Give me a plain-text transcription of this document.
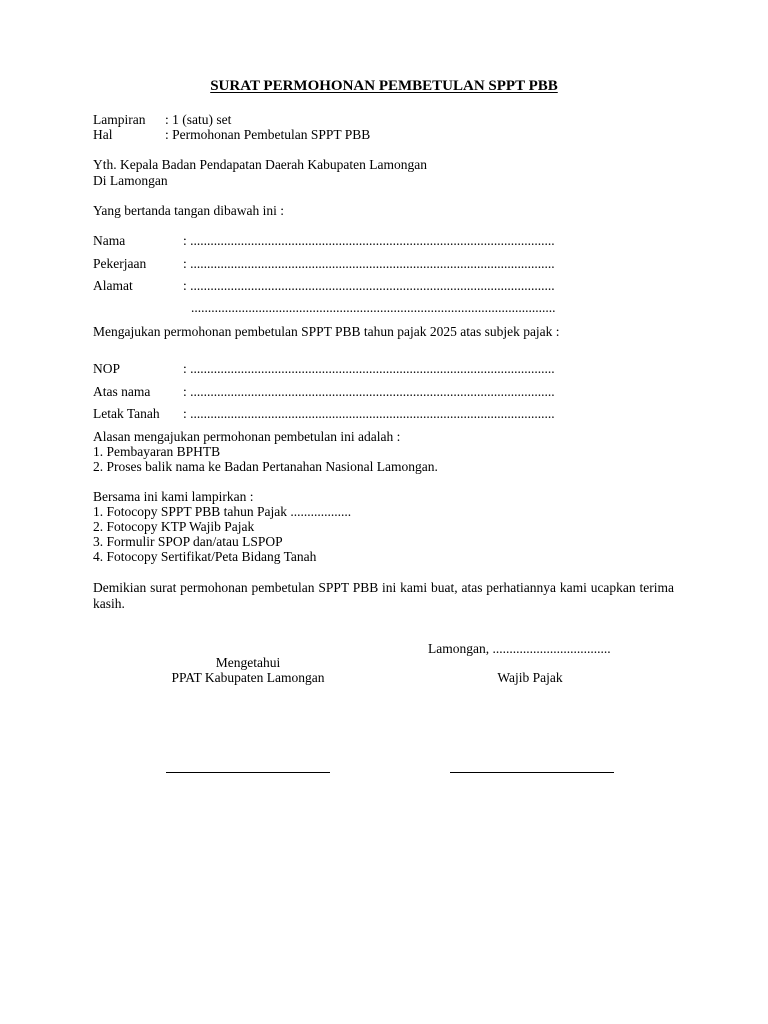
SURAT PERMOHONAN PEMBETULAN SPPT PBB
Lampiran : 1 (satu) set
Hal	: Permohonan Pembetulan SPPT PBB
Yth. Kepala Badan Pendapatan Daerah Kabupaten Lamongan
Di Lamongan
Yang bertanda tangan dibawah ini :
Nama	: ............................................................................................................
Pekerjaan	: ............................................................................................................
Alamat	: ............................................................................................................
............................................................................................................
Mengajukan permohonan pembetulan SPPT PBB tahun pajak 2025 atas subjek pajak :
NOP	: ............................................................................................................
Atas nama : ............................................................................................................
Letak Tanah : ............................................................................................................
Alasan mengajukan permohonan pembetulan ini adalah :
1. Pembayaran BPHTB
2. Proses balik nama ke Badan Pertanahan Nasional Lamongan.
Bersama ini kami lampirkan :
1. Fotocopy SPPT PBB tahun Pajak ..................
2. Fotocopy KTP Wajib Pajak
3. Formulir SPOP dan/atau LSPOP
4. Fotocopy Sertifikat/Peta Bidang Tanah
Demikian surat permohonan pembetulan SPPT PBB ini kami buat, atas perhatiannya kami ucapkan terima kasih.
Lamongan, ...................................
Mengetahui
PPAT Kabupaten Lamongan	Wajib Pajak
